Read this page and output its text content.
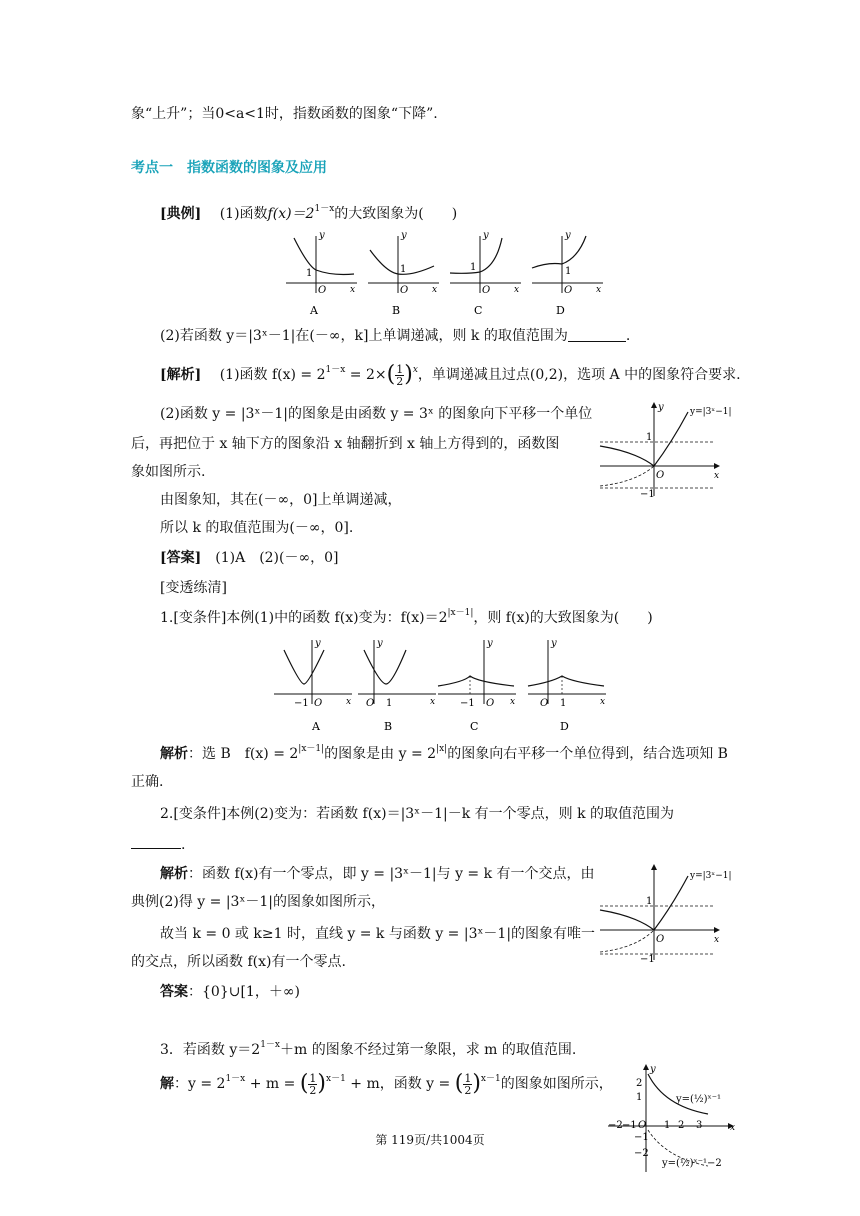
象“上升”；当0<a<1时，指数函数的图象“下降”.
考点一　指数函数的图象及应用
[典例]　 (1)函数$f(x)=2^{1-x}$的大致图象为(　　)
y
1
O	x
A
y
1
O	x
B
y
1
O	x
C
y
1
O	x
D
(2)若函数 y＝|3ˣ－1|在(－∞，k]上单调递减，则 k 的取值范围为	.
[解析]　 (1)函数 $f(x) = 2^{1-x} = 2\times( \frac{1}{2} )^x$，单调递减且过点(0,2)，选项 A 中的图象符合要求.
(2)函数 y = |3ˣ－1|的图象是由函数 y = 3ˣ 的图象向下平移一个单位
后，再把位于 x 轴下方的图象沿 x 轴翻折到 x 轴上方得到的，函数图
象如图所示.
由图象知，其在(－∞，0]上单调递减，
所以 k 的取值范围为(－∞，0].
y
1
−1
O	x
y=|3ˣ−1|
[答案]　 (1)A　(2)(－∞，0]
[变透练清]
1.[变条件]本例(1)中的函数 f(x)变为：$f(x)=2^{|x-1|}$，则 f(x)的大致图象为(　　)
y
−1 O	x
A
y
O 1	x
B
y
−1 O x
C
y
O 1	x
D
解析：选 B　$f(x) = 2^{|x-1|}$的图象是由 $y = 2^{|x|}$的图象向右平移一个单位得到，结合选项知 B
正确.
2.[变条件]本例(2)变为：若函数 f(x)＝|3ˣ－1|－k 有一个零点，则 k 的取值范围为
.
解析：函数 f(x)有一个零点，即 y = |3ˣ－1|与 y = k 有一个交点，由
典例(2)得 y = |3ˣ－1|的图象如图所示，
故当 k = 0 或 k≥1 时，直线 y = k 与函数 y = |3ˣ－1|的图象有唯一
的交点，所以函数 f(x)有一个零点.
答案：{0}∪[1，＋∞)
1
−1
O	x
y=|3ˣ−1|
3．若函数 $y=2^{1-x}+m$ 的图象不经过第一象限，求 m 的取值范围.
解：$y = 2^{1-x} + m$ = ( $\frac{1}{2} )^{x-1} + m$，函数 y = ( $\frac{1}{2} )^{x-1}$的图象如图所示，
y
2
1
−1
−2
−2 −1 O 1 2 3	x
y=(½)ˣ⁻¹
y=(½)ˣ⁻¹−2
第 119页/共1004页
